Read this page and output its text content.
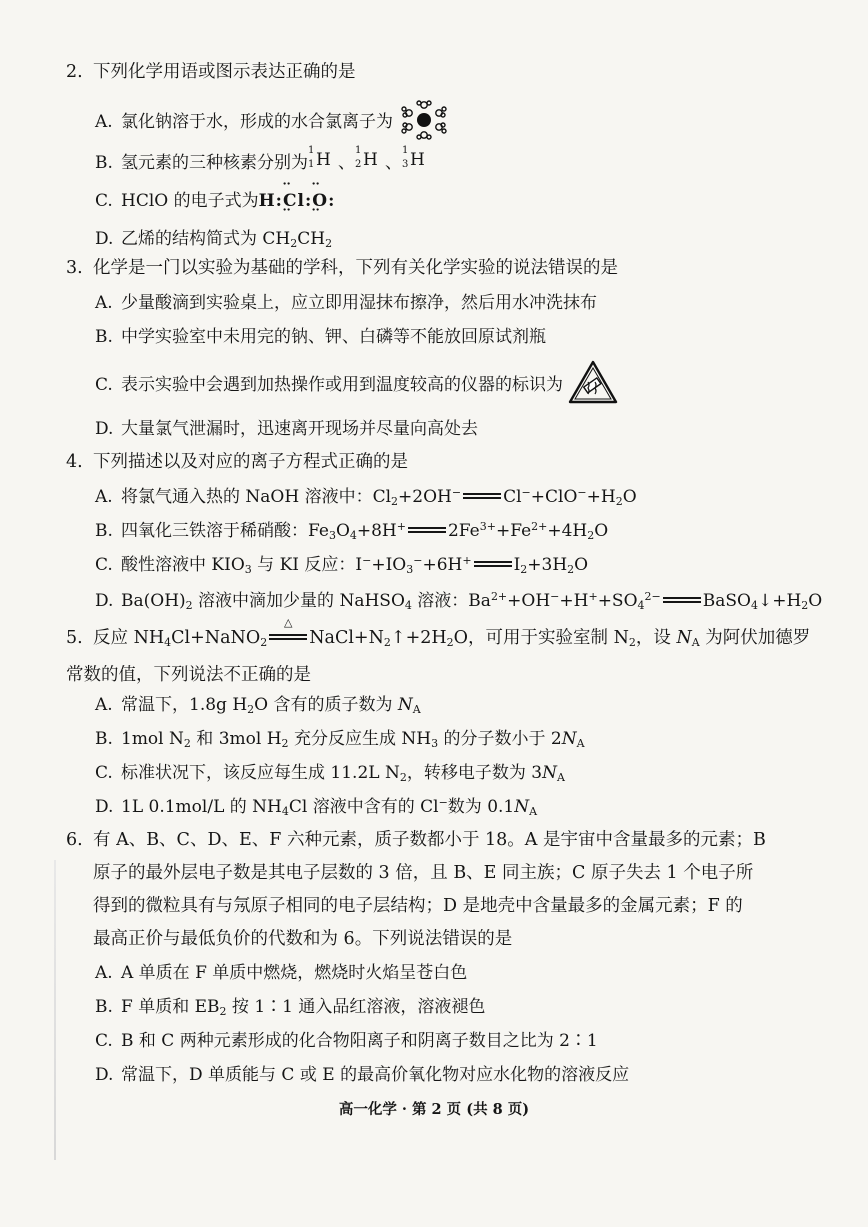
2. 下列化学用语或图示表达正确的是
A. 氯化钠溶于水，形成的水合氯离子为
B. 氢元素的三种核素分别为
1
1 H 、
1
2 H 、
1
3 H
C. HClO 的电子式为H:: Cl ::: O ::
D. 乙烯的结构简式为 $CH_2CH_2$
3. 化学是一门以实验为基础的学科，下列有关化学实验的说法错误的是
A. 少量酸滴到实验桌上，应立即用湿抹布擦净，然后用水冲洗抹布
B. 中学实验室中未用完的钠、钾、白磷等不能放回原试剂瓶
C. 表示实验中会遇到加热操作或用到温度较高的仪器的标识为
D. 大量氯气泄漏时，迅速离开现场并尽量向高处去
4. 下列描述以及对应的离子方程式正确的是
A. 将氯气通入热的 NaOH 溶液中：$Cl_2+2OH^-$ $Cl^-+ClO^-+H_2O$
B. 四氧化三铁溶于稀硝酸：$Fe_3O_4+8H^+$ $2Fe^{3+}+Fe^{2+}+4H_2O$
C. 酸性溶液中 $KIO_3$ 与 KI 反应：$I^-+IO_3^-+6H^+$ $I_2+3H_2O$
D. $Ba(OH)_2$ 溶液中滴加少量的 NaHSO$_4$ 溶液：$Ba^{2+}+OH^-+H^++SO_4^{2-}$ $BaSO_4↓+H_2O$
5. 反应 $NH_4Cl+NaNO_2$
△
$NaCl+N_2↑+2H_2O$，可用于实验室制 $N_2$，设 $N_A$ 为阿伏加德罗
常数的值，下列说法不正确的是
A. 常温下，1.8g $H_2O$ 含有的质子数为 $N_A$
B. 1mol $N_2$ 和 3mol $H_2$ 充分反应生成 $NH_3$ 的分子数小于 $2N_A$
C. 标准状况下，该反应每生成 11.2L $N_2$，转移电子数为 $3N_A$
D. 1L 0.1mol/L 的 $NH_4Cl$ 溶液中含有的 Cl−数为 $0.1N_A$
6. 有 A、B、C、D、E、F 六种元素，质子数都小于 18。A 是宇宙中含量最多的元素；B
原子的最外层电子数是其电子层数的 3 倍，且 B、E 同主族；C 原子失去 1 个电子所
得到的微粒具有与氖原子相同的电子层结构；D 是地壳中含量最多的金属元素；F 的
最高正价与最低负价的代数和为 6。下列说法错误的是
A. A 单质在 F 单质中燃烧，燃烧时火焰呈苍白色
B. F 单质和 $EB_2$ 按 1∶1 通入品红溶液，溶液褪色
C. B 和 C 两种元素形成的化合物阳离子和阴离子数目之比为 2∶1
D. 常温下，D 单质能与 C 或 E 的最高价氧化物对应水化物的溶液反应
高一化学 · 第 2 页 (共 8 页)
